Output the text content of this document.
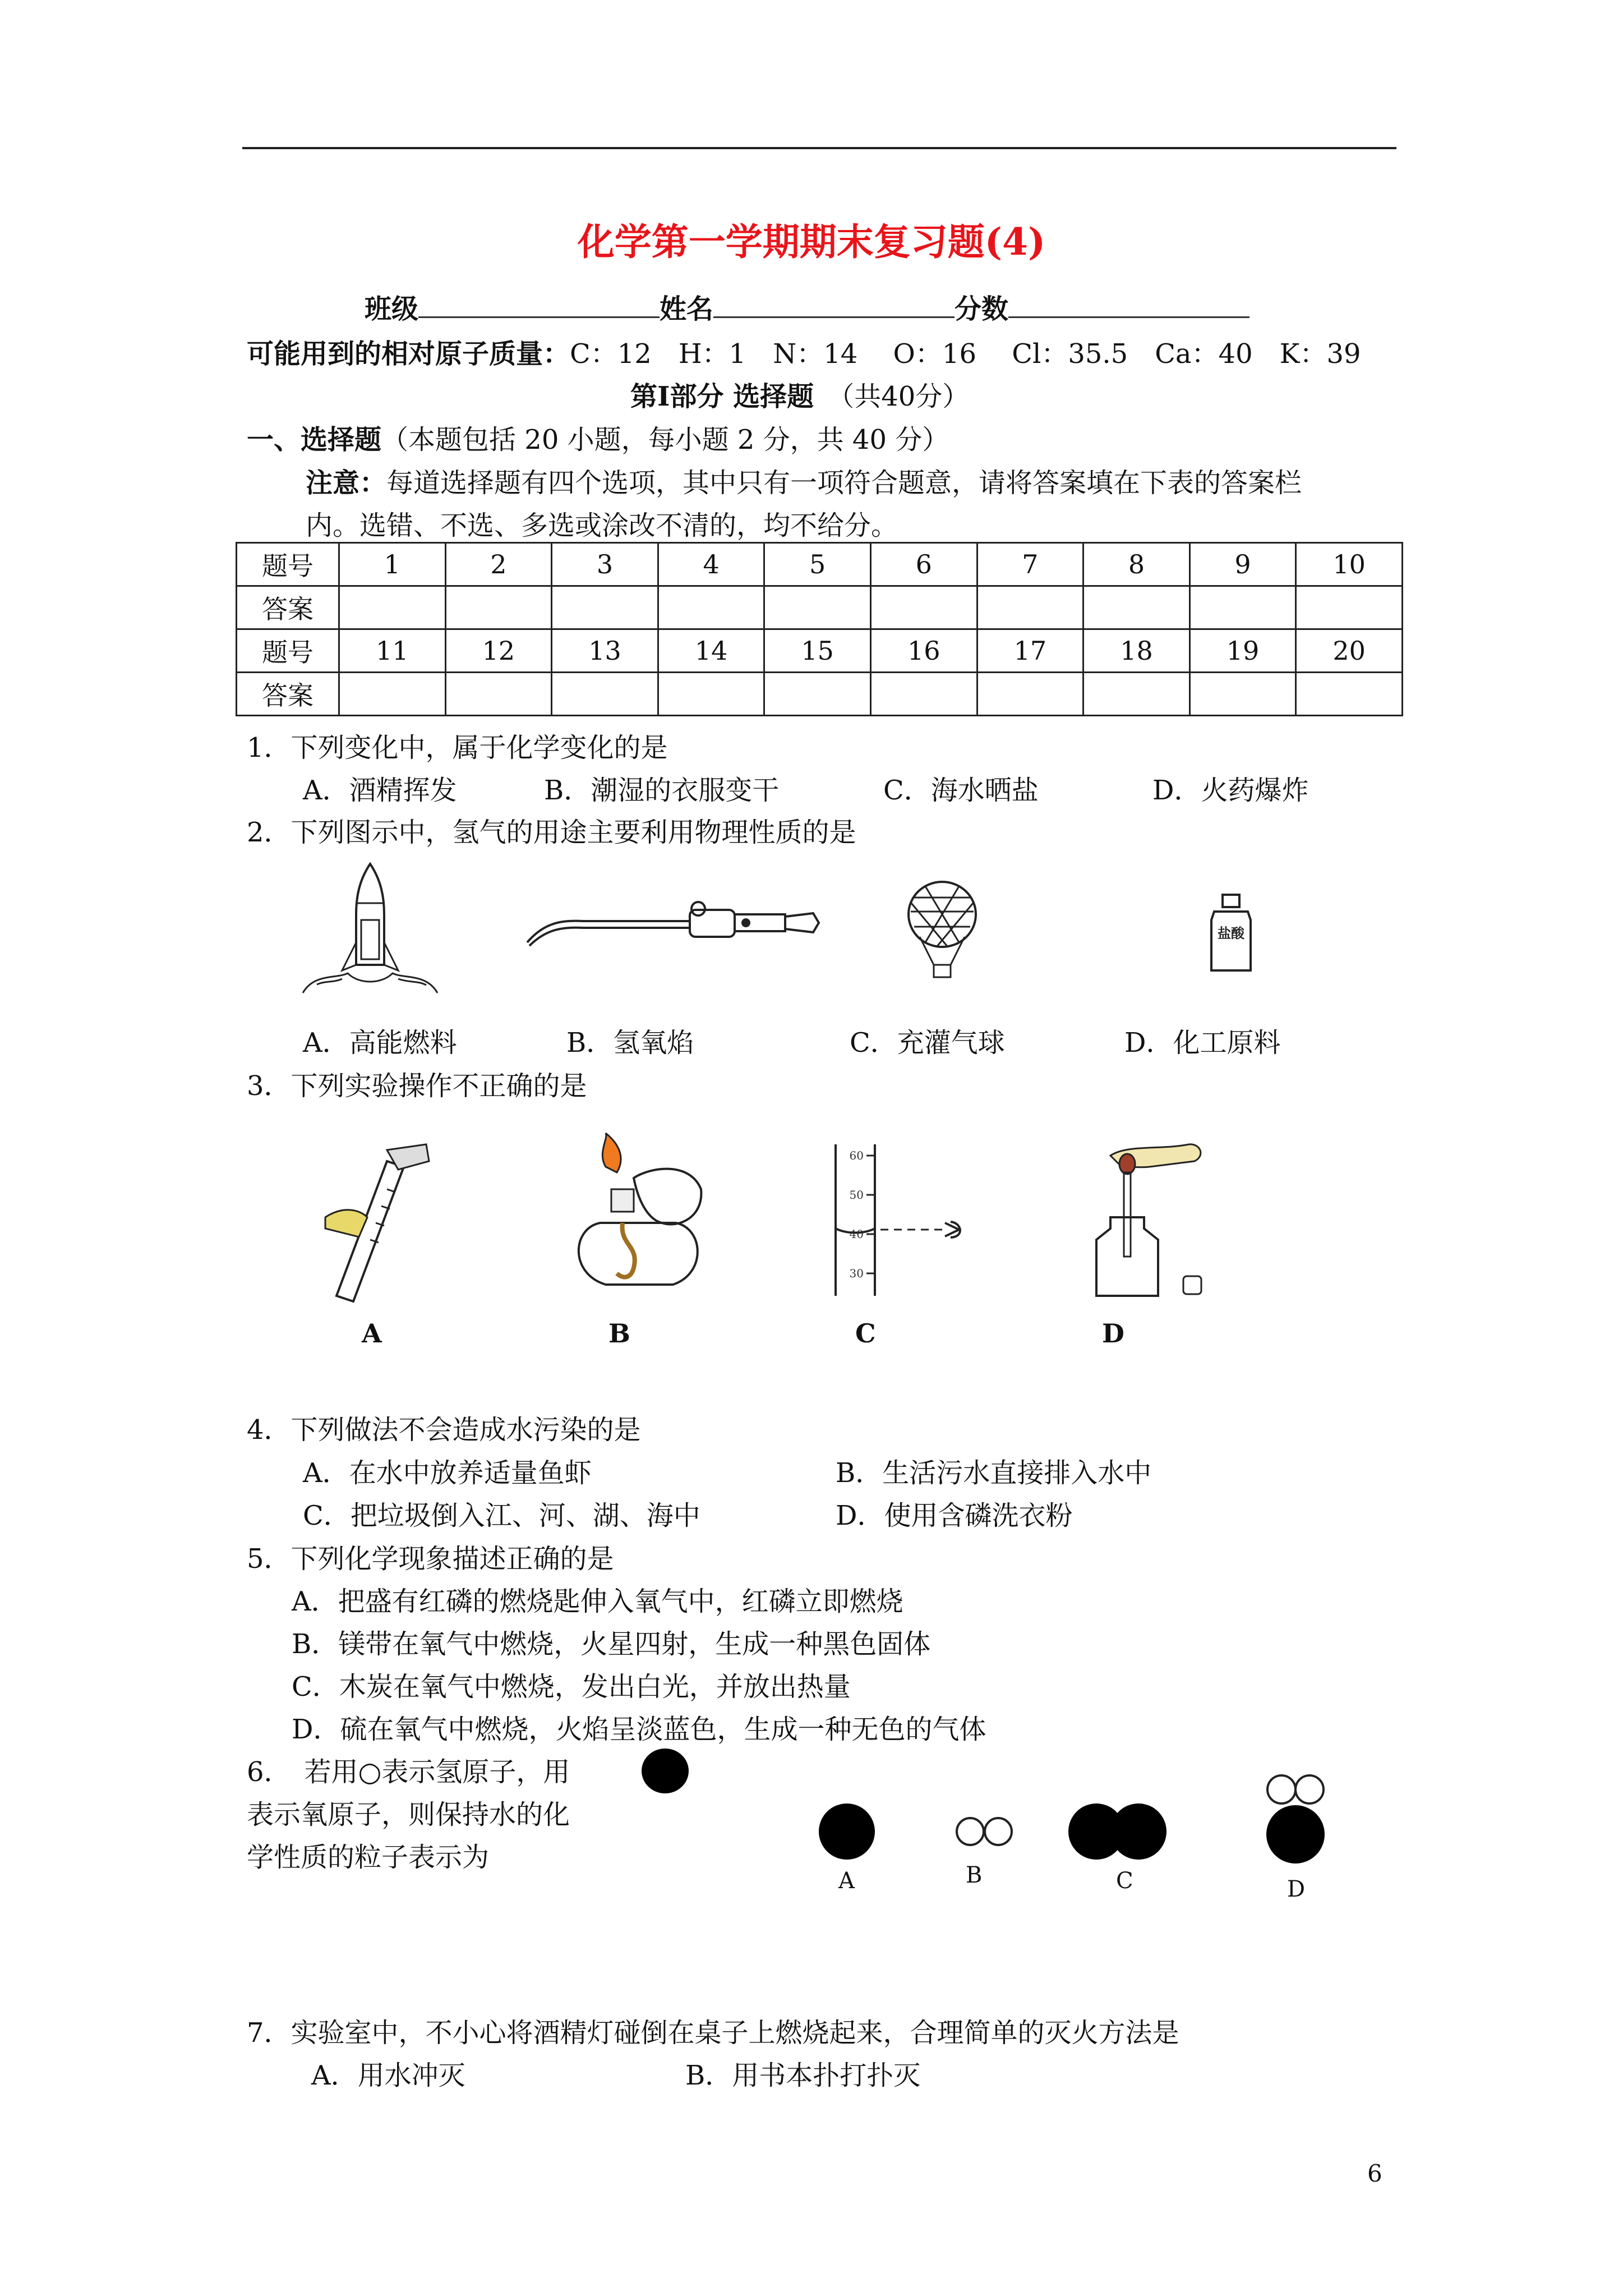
化学第一学期期末复习题(4)
班级	姓名	分数
可能用到的相对原子质量：C：12　H：1　N：14　 O：16　 Cl：35.5　Ca：40　K：39
第Ⅰ部分 选择题　 （共40分）
一、选择题（本题包括 20 小题，每小题 2 分，共 40 分）
注意：每道选择题有四个选项，其中只有一项符合题意，请将答案填在下表的答案栏
内。选错、不选、多选或涂改不清的，均不给分。
题号	1	2	3	4	5	6	7	8	9	10
答案										
题号	11	12	13	14	15	16	17	18	19	20
答案										
1．下列变化中，属于化学变化的是
A．酒精挥发	B．潮湿的衣服变干	C．海水晒盐	D．火药爆炸
2．下列图示中，氢气的用途主要利用物理性质的是
盐酸
A．高能燃料	B．氢氧焰	C．充灌气球	D．化工原料
3．下列实验操作不正确的是
60
50
40
30
A	B	C	D
4．下列做法不会造成水污染的是
A．在水中放养适量鱼虾	B．生活污水直接排入水中
C．把垃圾倒入江、河、湖、海中	D．使用含磷洗衣粉
5．下列化学现象描述正确的是
A．把盛有红磷的燃烧匙伸入氧气中，红磷立即燃烧
B．镁带在氧气中燃烧，火星四射，生成一种黑色固体
C．木炭在氧气中燃烧，发出白光，并放出热量
D．硫在氧气中燃烧，火焰呈淡蓝色，生成一种无色的气体
6．　若用○表示氢原子，用
表示氧原子，则保持水的化
学性质的粒子表示为
A	B	C	D
7．实验室中，不小心将酒精灯碰倒在桌子上燃烧起来，合理简单的灭火方法是
A．用水冲灭	B．用书本扑打扑灭
6
